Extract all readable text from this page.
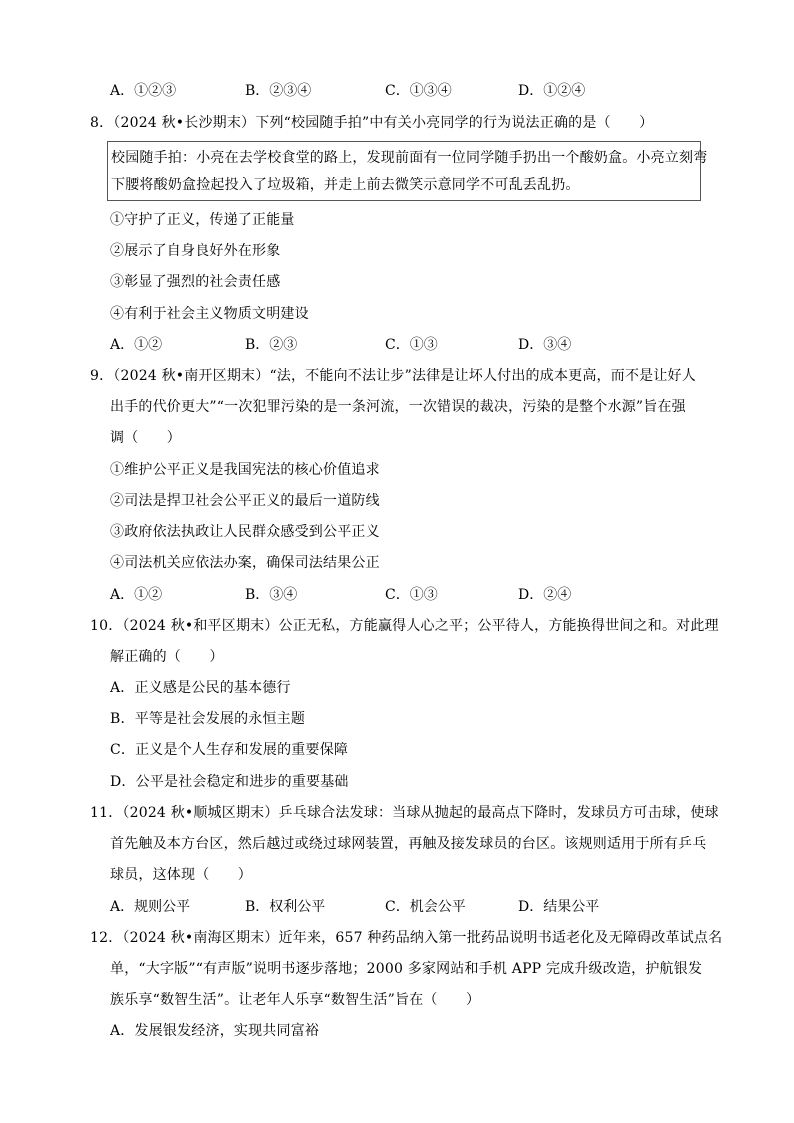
A．①②③	B．②③④	C．①③④	D．①②④
8．（2024 秋•长沙期末）下列“校园随手拍”中有关小亮同学的行为说法正确的是（　　）
校园随手拍：小亮在去学校食堂的路上，发现前面有一位同学随手扔出一个酸奶盒。小亮立刻弯
下腰将酸奶盒捡起投入了垃圾箱，并走上前去微笑示意同学不可乱丢乱扔。
①守护了正义，传递了正能量
②展示了自身良好外在形象
③彰显了强烈的社会责任感
④有利于社会主义物质文明建设
A．①②	B．②③	C．①③	D．③④
9．（2024 秋•南开区期末）“法，不能向不法让步”法律是让坏人付出的成本更高，而不是让好人
出手的代价更大”“一次犯罪污染的是一条河流，一次错误的裁决，污染的是整个水源”旨在强
调（　　）
①维护公平正义是我国宪法的核心价值追求
②司法是捍卫社会公平正义的最后一道防线
③政府依法执政让人民群众感受到公平正义
④司法机关应依法办案，确保司法结果公正
A．①②	B．③④	C．①③	D．②④
10．（2024 秋•和平区期末）公正无私，方能赢得人心之平；公平待人，方能换得世间之和。对此理
解正确的（　　）
A．正义感是公民的基本德行
B．平等是社会发展的永恒主题
C．正义是个人生存和发展的重要保障
D．公平是社会稳定和进步的重要基础
11．（2024 秋•顺城区期末）乒乓球合法发球：当球从抛起的最高点下降时，发球员方可击球，使球
首先触及本方台区，然后越过或绕过球网装置，再触及接发球员的台区。该规则适用于所有乒乓
球员，这体现（　　）
A．规则公平	B．权利公平	C．机会公平	D．结果公平
12．（2024 秋•南海区期末）近年来，657 种药品纳入第一批药品说明书适老化及无障碍改革试点名
单，“大字版”“有声版”说明书逐步落地；2000 多家网站和手机 APP 完成升级改造，护航银发
族乐享“数智生活”。让老年人乐享“数智生活”旨在（　　）
A．发展银发经济，实现共同富裕
